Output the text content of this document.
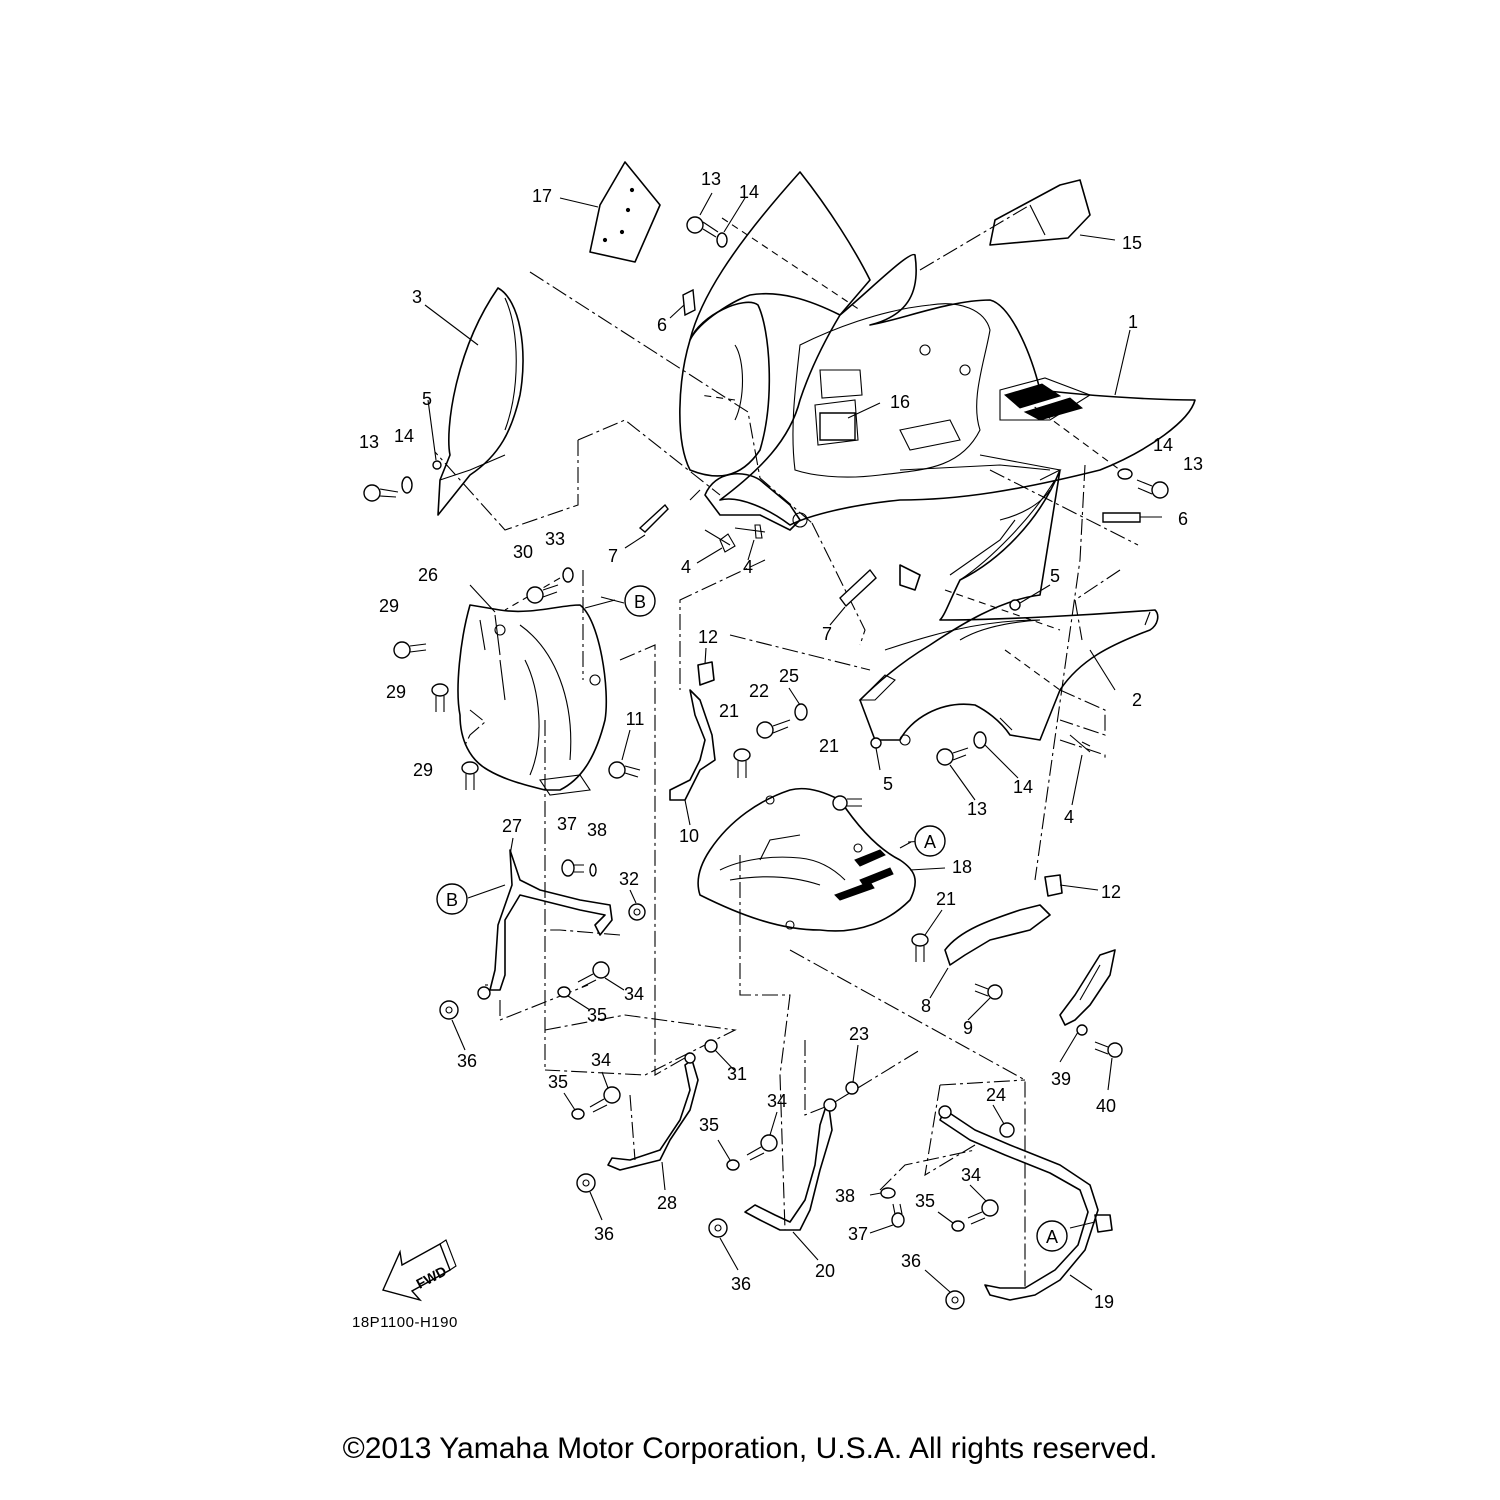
1
2
3
4	4
4
5
5
5
6
6
7
7
8
9
10
11
12
12
13
13
13
13
14
14	14
14
15
16
17
18
19
20
21
21
21
22
23
24
25
26
27
28
29
29
29
30
31
32
33
34
34
34
34
35
35
35
35
36
36
36
36
37
37
38
38
39
40
B
B
A
A
FWD
18P1100-H190
©2013 Yamaha Motor Corporation, U.S.A. All rights reserved.
